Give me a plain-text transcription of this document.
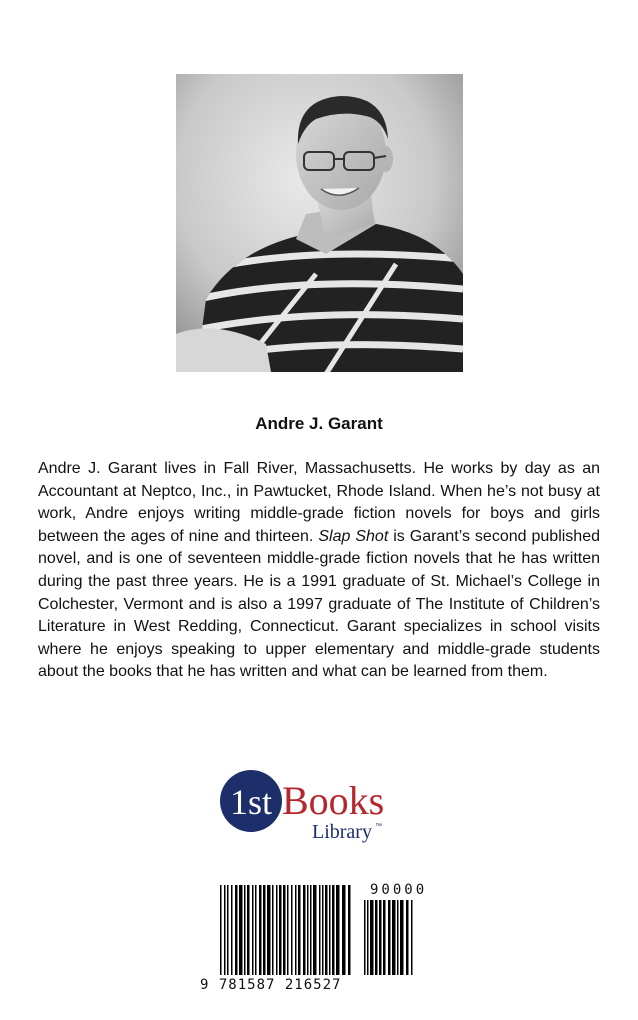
Andre J. Garant
Andre J. Garant lives in Fall River, Massachusetts. He works by day as an Accountant at Neptco, Inc., in Pawtucket, Rhode Island. When he’s not busy at work, Andre enjoys writing middle-grade fiction novels for boys and girls between the ages of nine and thirteen. Slap Shot is Garant’s second published novel, and is one of seventeen middle-grade fiction novels that he has written during the past three years. He is a 1991 graduate of St. Michael’s College in Colchester, Vermont and is also a 1997 graduate of The Institute of Children’s Literature in West Redding, Connecticut. Garant specializes in school visits where he enjoys speaking to upper elementary and middle-grade students about the books that he has written and what can be learned from them.
1st Books
Library ™
9 781587 216527
90000
